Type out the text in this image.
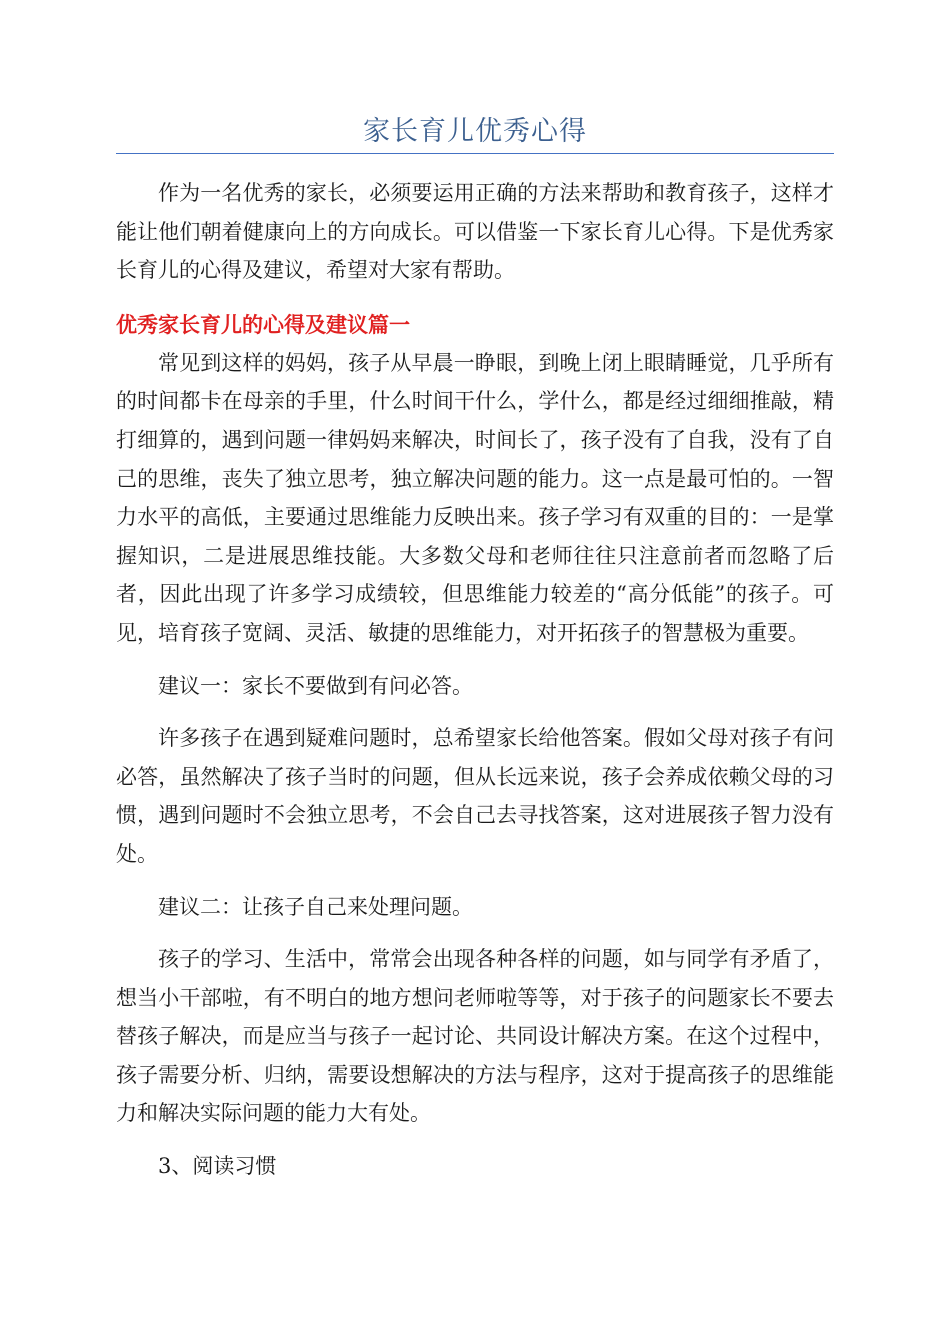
家长育儿优秀心得

作为一名优秀的家长，必须要运用正确的方法来帮助和教育孩子，这样才能让他们朝着健康向上的方向成长。可以借鉴一下家长育儿心得。下是优秀家长育儿的心得及建议，希望对大家有帮助。

优秀家长育儿的心得及建议篇一

常见到这样的妈妈，孩子从早晨一睁眼，到晚上闭上眼睛睡觉，几乎所有的时间都卡在母亲的手里，什么时间干什么，学什么，都是经过细细推敲，精打细算的，遇到问题一律妈妈来解决，时间长了，孩子没有了自我，没有了自己的思维，丧失了独立思考，独立解决问题的能力。这一点是最可怕的。一智力水平的高低，主要通过思维能力反映出来。孩子学习有双重的目的：一是掌握知识，二是进展思维技能。大多数父母和老师往往只注意前者而忽略了后者，因此出现了许多学习成绩较，但思维能力较差的“高分低能”的孩子。可见，培育孩子宽阔、灵活、敏捷的思维能力，对开拓孩子的智慧极为重要。

建议一：家长不要做到有问必答。

许多孩子在遇到疑难问题时，总希望家长给他答案。假如父母对孩子有问必答，虽然解决了孩子当时的问题，但从长远来说，孩子会养成依赖父母的习惯，遇到问题时不会独立思考，不会自己去寻找答案，这对进展孩子智力没有处。

建议二：让孩子自己来处理问题。

孩子的学习、生活中，常常会出现各种各样的问题，如与同学有矛盾了，想当小干部啦，有不明白的地方想问老师啦等等，对于孩子的问题家长不要去替孩子解决，而是应当与孩子一起讨论、共同设计解决方案。在这个过程中，孩子需要分析、归纳，需要设想解决的方法与程序，这对于提高孩子的思维能力和解决实际问题的能力大有处。

3、阅读习惯
